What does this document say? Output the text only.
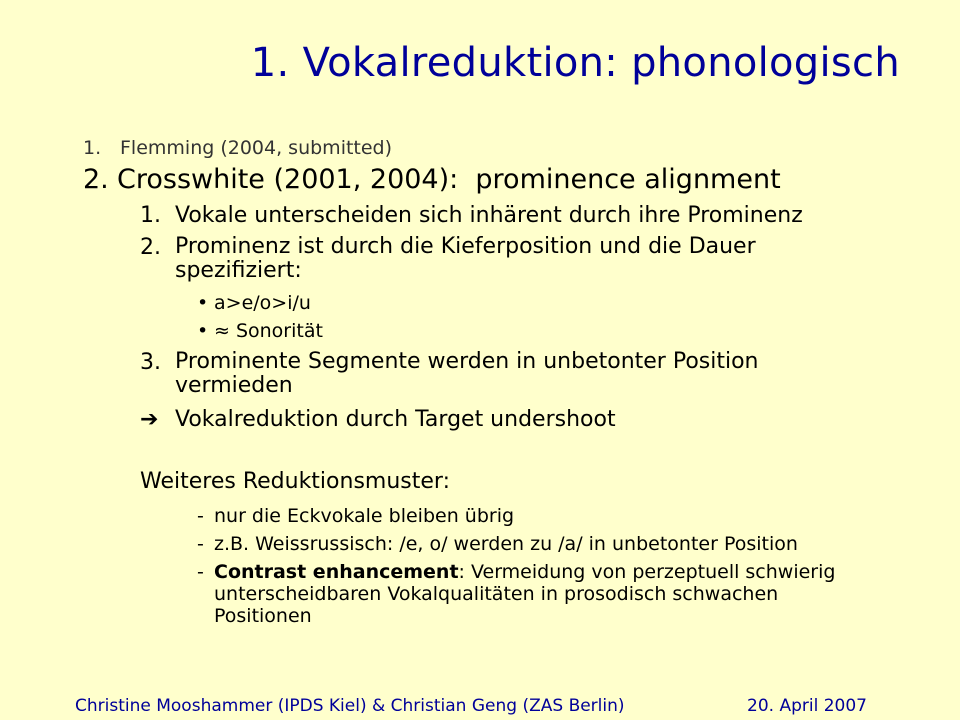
1. Vokalreduktion: phonologisch
1. Flemming (2004, submitted)
2. Crosswhite (2001, 2004):  prominence alignment
1. Vokale unterscheiden sich inhärent durch ihre Prominenz
2. Prominenz ist durch die Kieferposition und die Dauer spezifiziert:
• a>e/o>i/u
• ≈ Sonorität
3. Prominente Segmente werden in unbetonter Position vermieden
➔ Vokalreduktion durch Target undershoot
Weiteres Reduktionsmuster:
- nur die Eckvokale bleiben übrig
- z.B. Weissrussisch: /e, o/ werden zu /a/ in unbetonter Position
- Contrast enhancement: Vermeidung von perzeptuell schwierig unterscheidbaren Vokalqualitäten in prosodisch schwachen Positionen
Christine Mooshammer (IPDS Kiel) & Christian Geng (ZAS Berlin)	20. April 2007
